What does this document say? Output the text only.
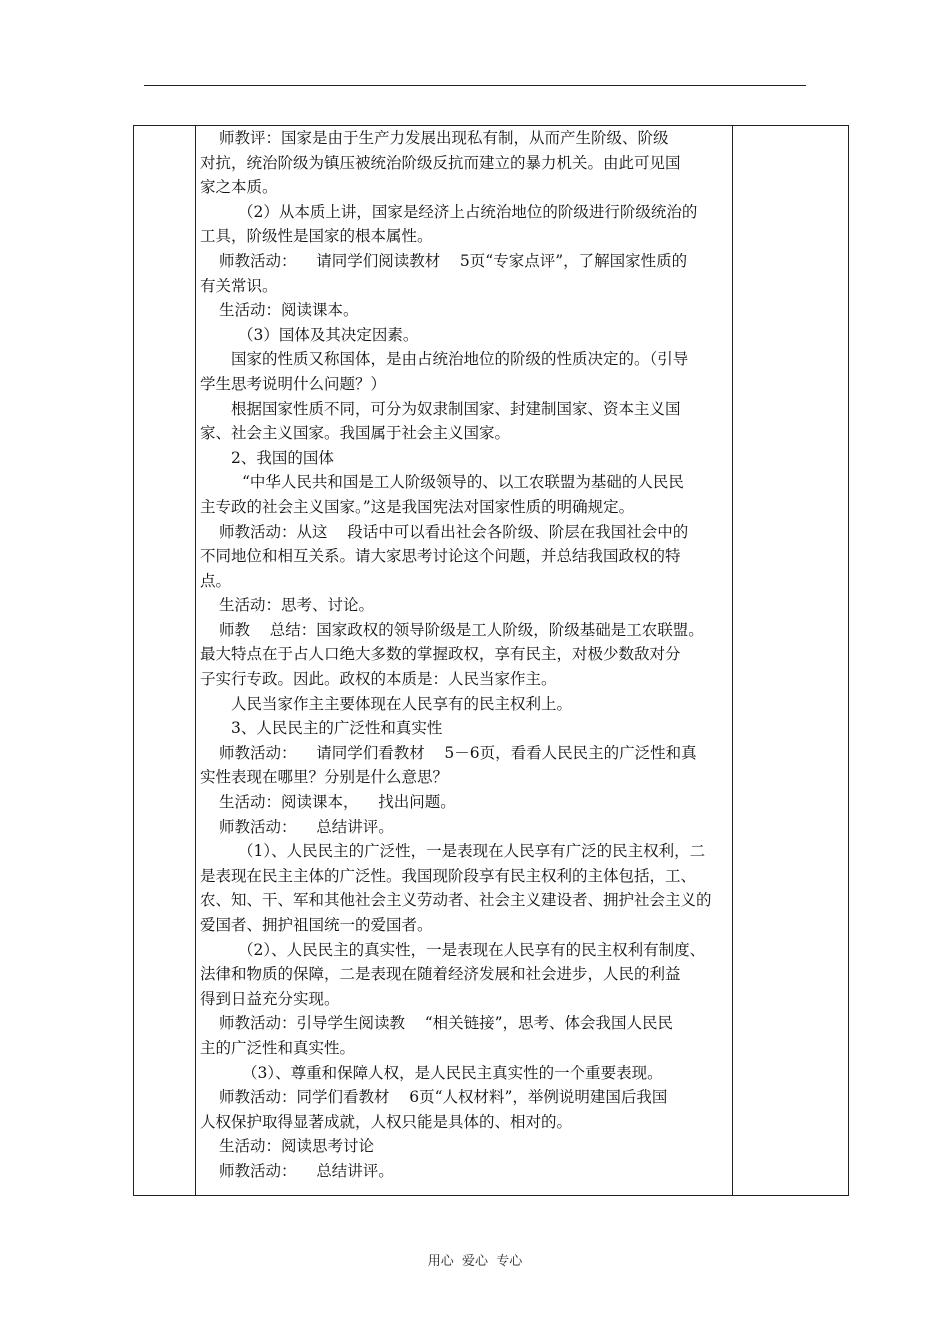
师教评：国家是由于生产力发展出现私有制，从而产生阶级、阶级

对抗，统治阶级为镇压被统治阶级反抗而建立的暴力机关。由此可见国

家之本质。

（2）从本质上讲，国家是经济上占统治地位的阶级进行阶级统治的

工具，阶级性是国家的根本属性。

师教活动：    请同学们阅读教材    5页“专家点评”，了解国家性质的

有关常识。

生活动：阅读课本。

（3）国体及其决定因素。

国家的性质又称国体，是由占统治地位的阶级的性质决定的。（引导

学生思考说明什么问题？）

根据国家性质不同，可分为奴隶制国家、封建制国家、资本主义国

家、社会主义国家。我国属于社会主义国家。

2、我国的国体

“中华人民共和国是工人阶级领导的、以工农联盟为基础的人民民

主专政的社会主义国家。”这是我国宪法对国家性质的明确规定。

师教活动：从这    段话中可以看出社会各阶级、阶层在我国社会中的

不同地位和相互关系。请大家思考讨论这个问题，并总结我国政权的特

点。

生活动：思考、讨论。

师教    总结：国家政权的领导阶级是工人阶级，阶级基础是工农联盟。

最大特点在于占人口绝大多数的掌握政权，享有民主，对极少数敌对分

子实行专政。因此。政权的本质是：人民当家作主。

人民当家作主主要体现在人民享有的民主权利上。

3、人民民主的广泛性和真实性

师教活动：    请同学们看教材    5－6页，看看人民民主的广泛性和真

实性表现在哪里？分别是什么意思？

生活动：阅读课本，    找出问题。

师教活动：    总结讲评。

（1）、人民民主的广泛性，一是表现在人民享有广泛的民主权利，二

是表现在民主主体的广泛性。我国现阶段享有民主权利的主体包括，工、

农、知、干、军和其他社会主义劳动者、社会主义建设者、拥护社会主义的

爱国者、拥护祖国统一的爱国者。

（2）、人民民主的真实性，一是表现在人民享有的民主权利有制度、

法律和物质的保障，二是表现在随着经济发展和社会进步，人民的利益

得到日益充分实现。

师教活动：引导学生阅读教    “相关链接”，思考、体会我国人民民

主的广泛性和真实性。

（3）、尊重和保障人权，是人民民主真实性的一个重要表现。

师教活动：同学们看教材    6页“人权材料”，举例说明建国后我国

人权保护取得显著成就，人权只能是具体的、相对的。

生活动：阅读思考讨论

师教活动：    总结讲评。

用心  爱心  专心
